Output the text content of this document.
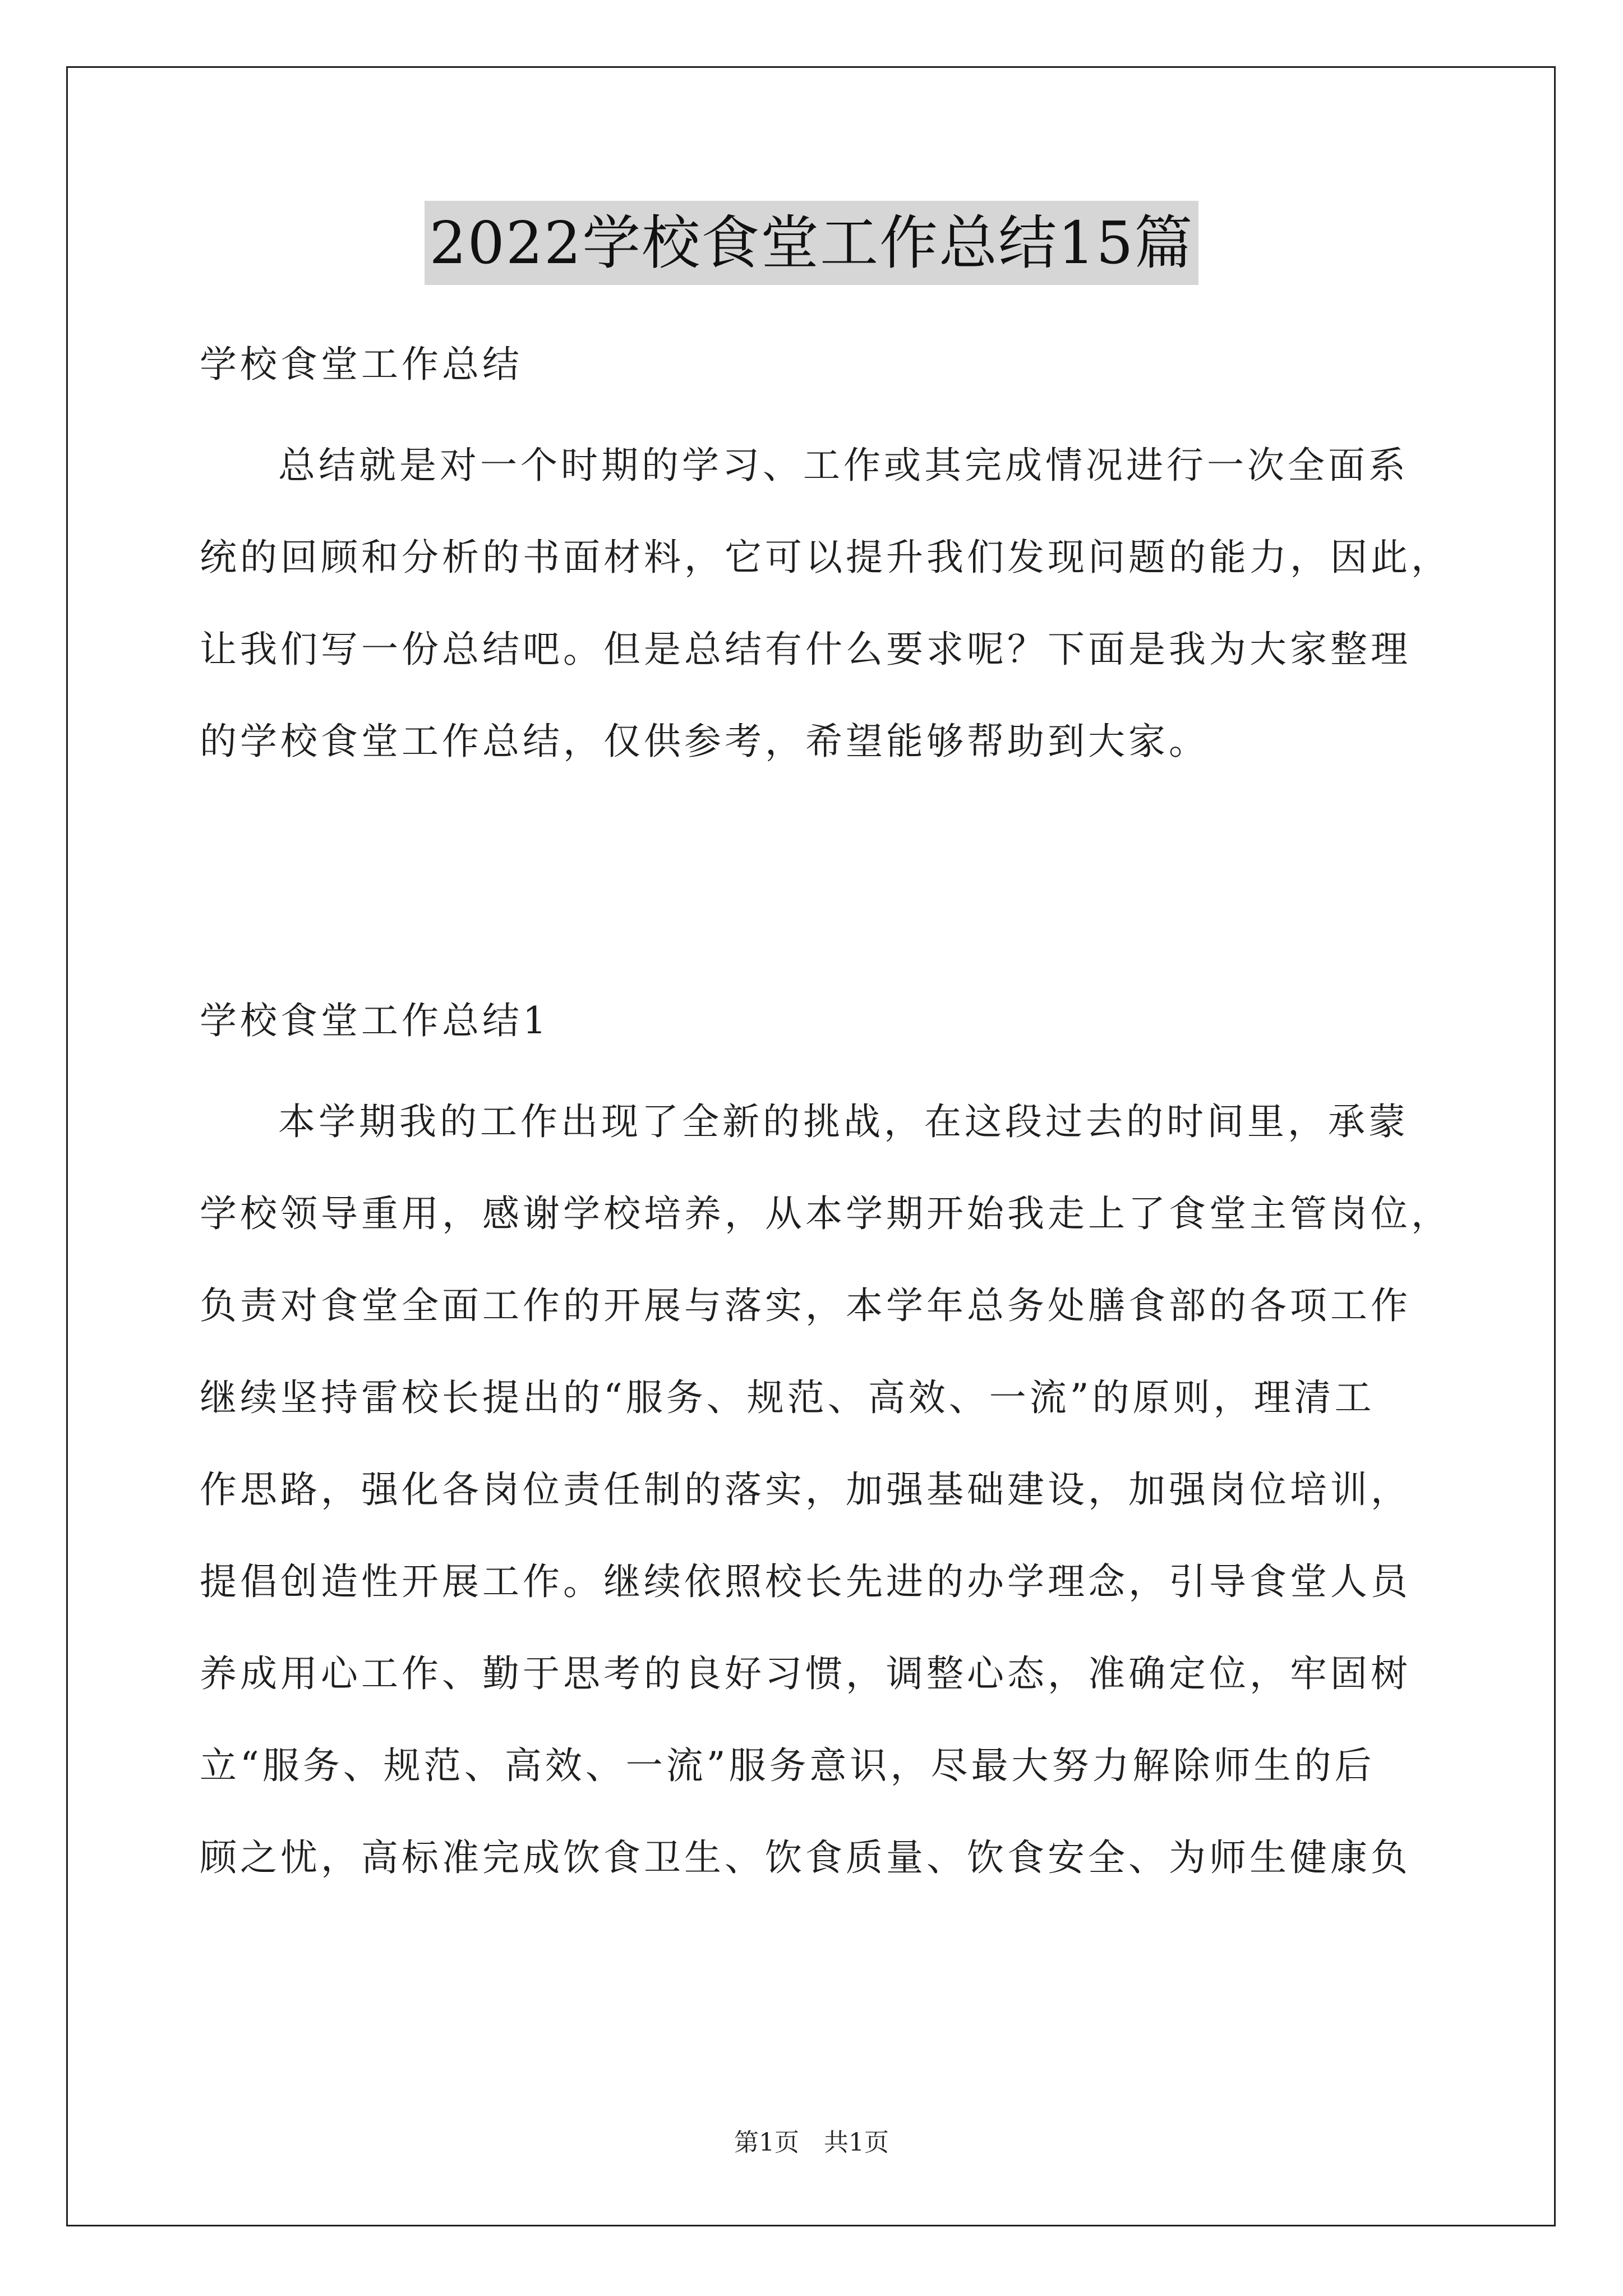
2022学校食堂工作总结15篇

学校食堂工作总结

总结就是对一个时期的学习、工作或其完成情况进行一次全面系
统的回顾和分析的书面材料，它可以提升我们发现问题的能力，因此，
让我们写一份总结吧。但是总结有什么要求呢？下面是我为大家整理
的学校食堂工作总结，仅供参考，希望能够帮助到大家。

学校食堂工作总结1

本学期我的工作出现了全新的挑战，在这段过去的时间里，承蒙
学校领导重用，感谢学校培养，从本学期开始我走上了食堂主管岗位，
负责对食堂全面工作的开展与落实，本学年总务处膳食部的各项工作
继续坚持雷校长提出的“服务、规范、高效、一流”的原则，理清工
作思路，强化各岗位责任制的落实，加强基础建设，加强岗位培训，
提倡创造性开展工作。继续依照校长先进的办学理念，引导食堂人员
养成用心工作、勤于思考的良好习惯，调整心态，准确定位，牢固树
立“服务、规范、高效、一流”服务意识，尽最大努力解除师生的后
顾之忧，高标准完成饮食卫生、饮食质量、饮食安全、为师生健康负
第1页　共1页
